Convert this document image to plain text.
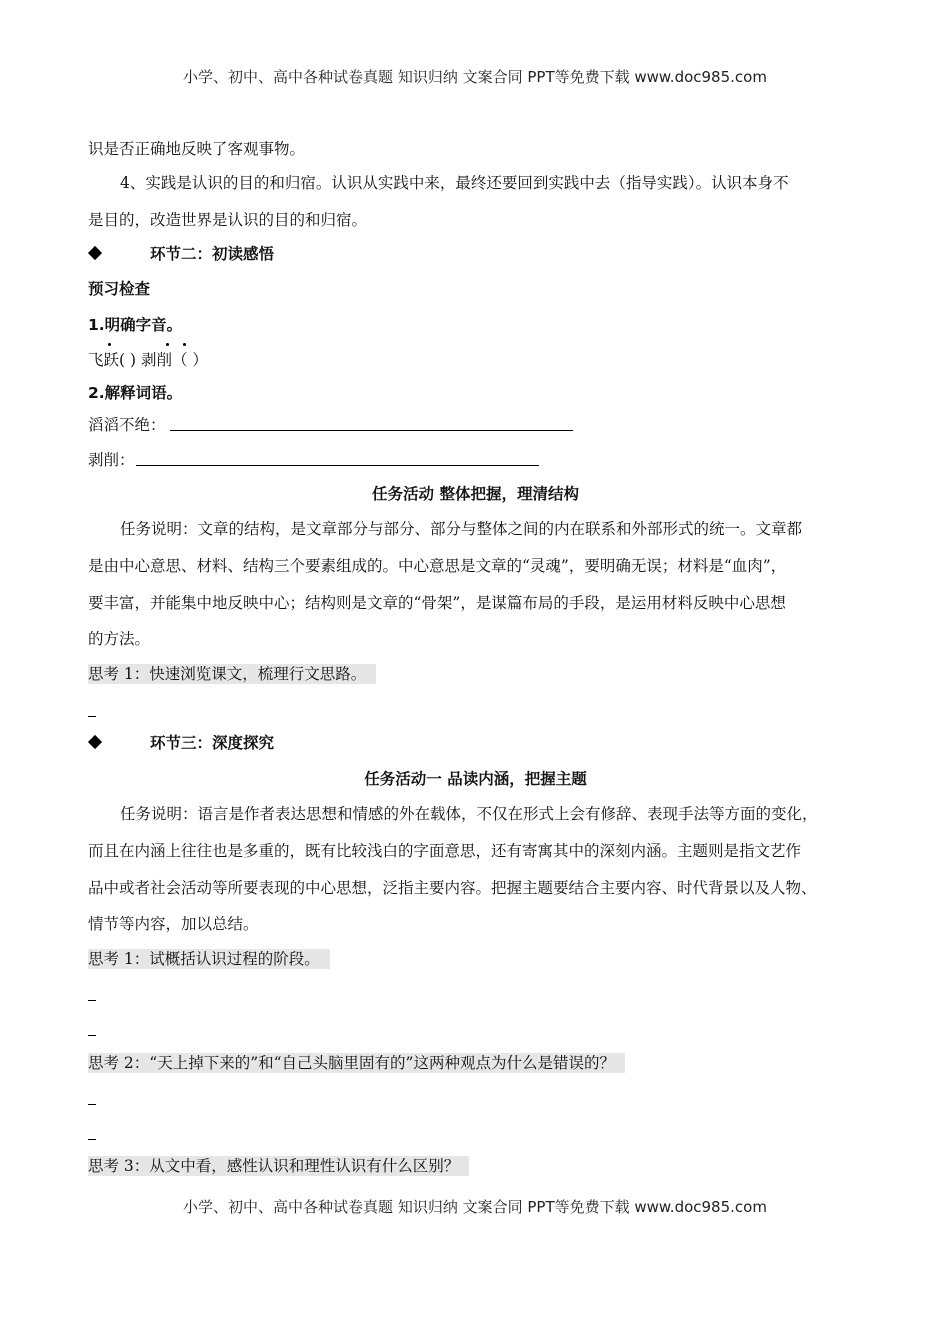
小学、初中、高中各种试卷真题 知识归纳 文案合同 PPT等免费下载 www.doc985.com
识是否正确地反映了客观事物。
4、实践是认识的目的和归宿。认识从实践中来，最终还要回到实践中去（指导实践）。认识本身不
是目的，改造世界是认识的目的和归宿。
环节二：初读感悟
预习检查
1.明确字音。
飞跃( ) 剥削（ ）
2.解释词语。
滔滔不绝：
剥削：
任务活动 整体把握，理清结构
任务说明：文章的结构，是文章部分与部分、部分与整体之间的内在联系和外部形式的统一。文章都
是由中心意思、材料、结构三个要素组成的。中心意思是文章的“灵魂”，要明确无误；材料是“血肉”，
要丰富，并能集中地反映中心；结构则是文章的“骨架”，是谋篇布局的手段，是运用材料反映中心思想
的方法。
思考 1：快速浏览课文，梳理行文思路。
环节三：深度探究
任务活动一 品读内涵，把握主题
任务说明：语言是作者表达思想和情感的外在载体，不仅在形式上会有修辞、表现手法等方面的变化，
而且在内涵上往往也是多重的，既有比较浅白的字面意思，还有寄寓其中的深刻内涵。主题则是指文艺作
品中或者社会活动等所要表现的中心思想，泛指主要内容。把握主题要结合主要内容、时代背景以及人物、
情节等内容，加以总结。
思考 1：试概括认识过程的阶段。
思考 2：“天上掉下来的”和“自己头脑里固有的”这两种观点为什么是错误的？
思考 3：从文中看，感性认识和理性认识有什么区别？
小学、初中、高中各种试卷真题 知识归纳 文案合同 PPT等免费下载 www.doc985.com
